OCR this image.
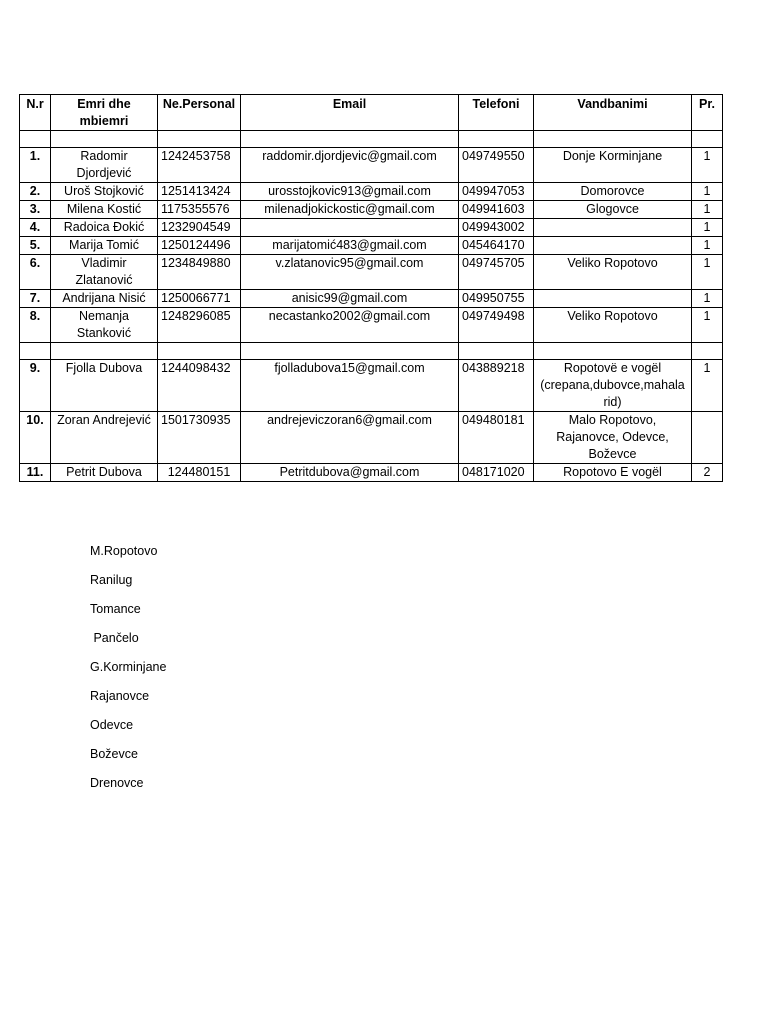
N.r	Emri dhe mbiemri	Ne.Personal	Email	Telefoni	Vandbanimi	Pr.

1.	Radomir Djordjević	1242453758	raddomir.djordjevic@gmail.com	049749550	Donje Korminjane	1
2.	Uroš Stojković	1251413424	urosstojkovic913@gmail.com	049947053	Domorovce	1
3.	Milena Kostić	1175355576	milenadjokickostic@gmail.com	049941603	Glogovce	1
4.	Radoica Đokić	1232904549		049943002		1
5.	Marija Tomić	1250124496	marijatomić483@gmail.com	045464170		1
6.	Vladimir Zlatanović	1234849880	v.zlatanovic95@gmail.com	049745705	Veliko Ropotovo	1
7.	Andrijana Nisić	1250066771	anisic99@gmail.com	049950755		1
8.	Nemanja Stanković	1248296085	necastanko2002@gmail.com	049749498	Veliko Ropotovo	1

9.	Fjolla Dubova	1244098432	fjolladubova15@gmail.com	043889218	Ropotovë e vogël (crepana,dubovce,mahala rid)	1
10.	Zoran Andrejević	1501730935	andrejeviczoran6@gmail.com	049480181	Malo Ropotovo, Rajanovce, Odevce, Boževce	
11.	Petrit Dubova	124480151	Petritdubova@gmail.com	048171020	Ropotovo E vogël	2
M.Ropotovo
Ranilug
Tomance
Pančelo
G.Korminjane
Rajanovce
Odevce
Boževce
Drenovce
